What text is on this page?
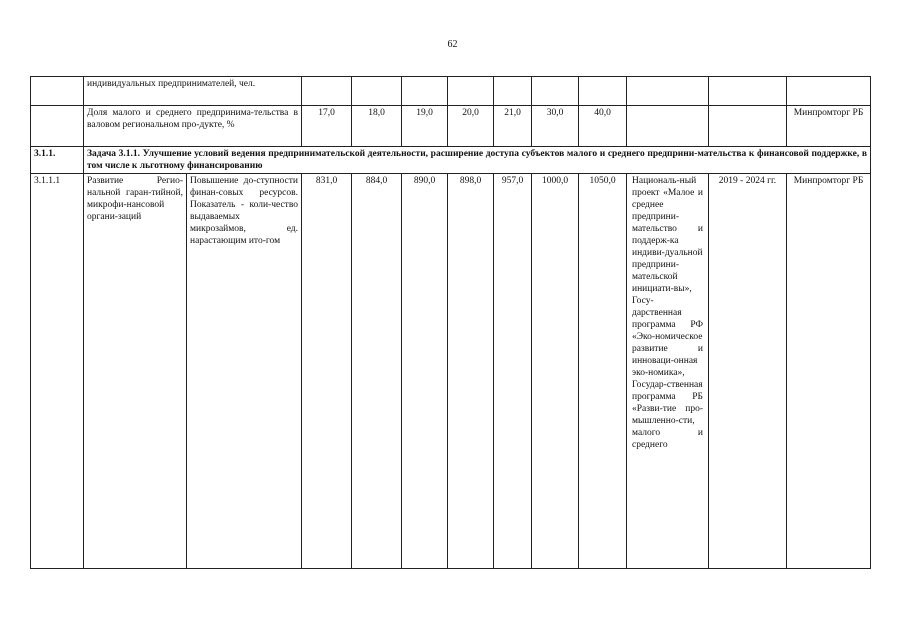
62
	индивидуальных предпринимателей, чел.											
	Доля малого и среднего предпринима-тельства в валовом региональном про-дукте, %		17,0	18,0	19,0	20,0	21,0	30,0	40,0			Минпромторг РБ
3.1.1.	Задача 3.1.1. Улучшение условий ведения предпринимательской деятельности, расширение доступа субъектов малого и среднего предприни-мательства к финансовой поддержке, в том числе к льготному финансированию											
3.1.1.1	Развитие Регио-нальной гаран-тийной, микрофи-нансовой органи-заций	Повышение до-ступности финан-совых ресурсов. Показатель - коли-чество выдаваемых микрозаймов, ед. нарастающим ито-гом	831,0	884,0	890,0	898,0	957,0	1000,0	1050,0	Националь-ный проект «Малое и среднее предприни-мательство и поддерж-ка индиви-дуальной предприни-мательской инициати-вы», Госу-дарственная программа РФ «Эко-номическое развитие и инноваци-онная эко-номика», Государ-ственная программа РБ «Разви-тие про-мышленно-сти, малого и среднего	2019 - 2024 гг.	Минпромторг РБ
